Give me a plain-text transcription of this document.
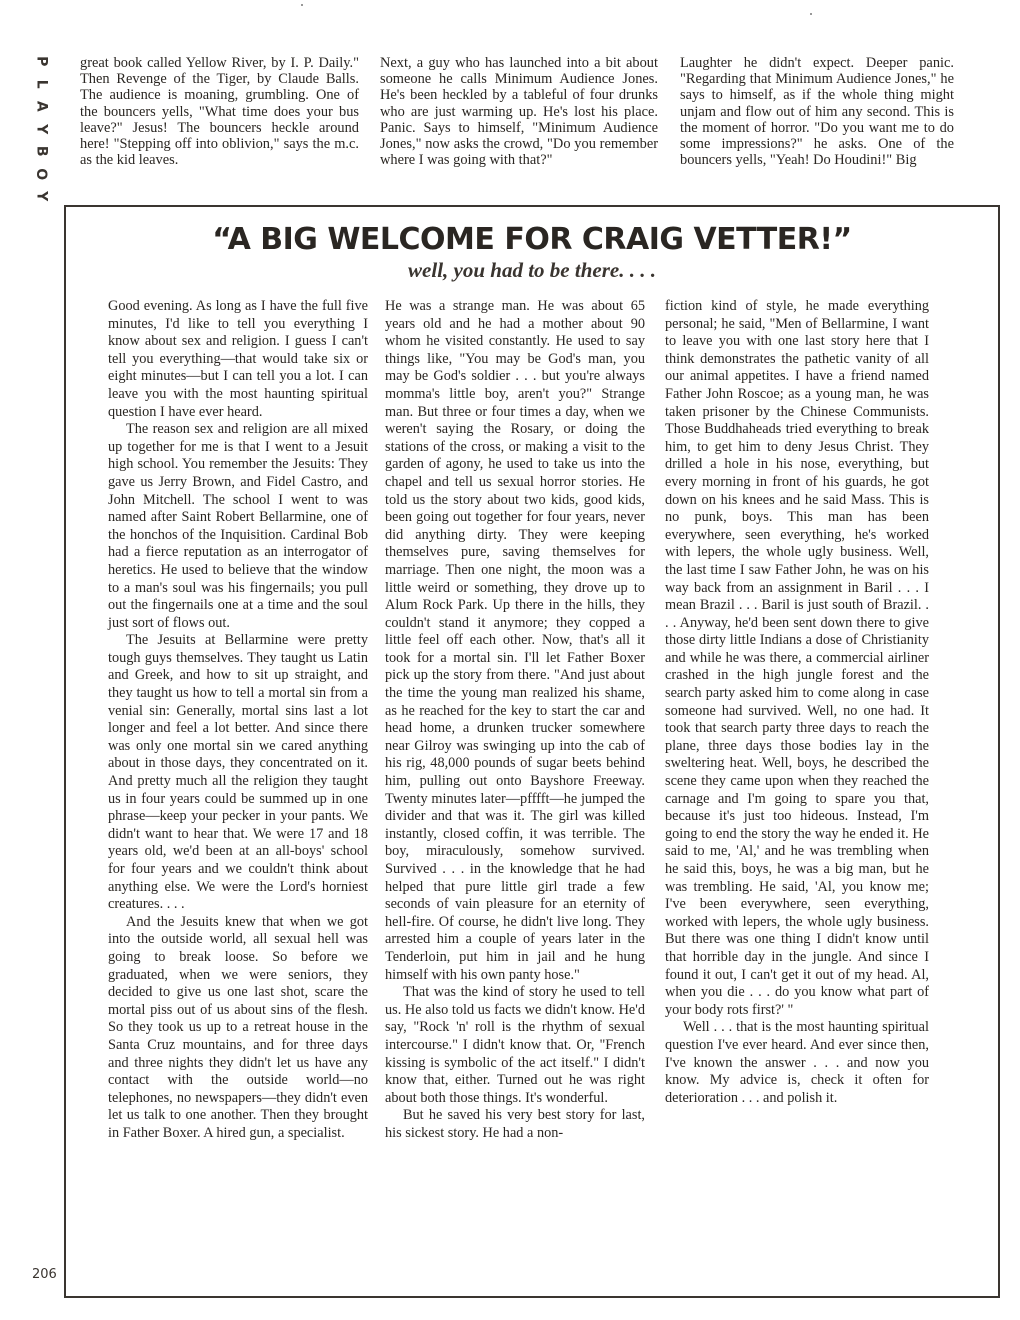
P
L
A
Y
B
O
Y

great book called Yellow River, by I. P. Daily." Then Revenge of the Tiger, by Claude Balls. The audience is moaning, grumbling. One of the bouncers yells, "What time does your bus leave?" Jesus! The bouncers heckle around here! "Stepping off into oblivion," says the m.c. as the kid leaves.

Next, a guy who has launched into a bit about someone he calls Minimum Audience Jones. He's been heckled by a tableful of four drunks who are just warming up. He's lost his place. Panic. Says to himself, "Minimum Audience Jones," now asks the crowd, "Do you remember where I was going with that?"

Laughter he didn't expect. Deeper panic. "Regarding that Minimum Audience Jones," he says to himself, as if the whole thing might unjam and flow out of him any second. This is the moment of horror. "Do you want me to do some impressions?" he asks. One of the bouncers yells, "Yeah! Do Houdini!" Big

“A BIG WELCOME FOR CRAIG VETTER!”
well, you had to be there. . . .

Good evening. As long as I have the full five minutes, I'd like to tell you everything I know about sex and religion. I guess I can't tell you everything—that would take six or eight minutes—but I can tell you a lot. I can leave you with the most haunting spiritual question I have ever heard.

The reason sex and religion are all mixed up together for me is that I went to a Jesuit high school. You remember the Jesuits: They gave us Jerry Brown, and Fidel Castro, and John Mitchell. The school I went to was named after Saint Robert Bellarmine, one of the honchos of the Inquisition. Cardinal Bob had a fierce reputation as an interrogator of heretics. He used to believe that the window to a man's soul was his fingernails; you pull out the fingernails one at a time and the soul just sort of flows out.

The Jesuits at Bellarmine were pretty tough guys themselves. They taught us Latin and Greek, and how to sit up straight, and they taught us how to tell a mortal sin from a venial sin: Generally, mortal sins last a lot longer and feel a lot better. And since there was only one mortal sin we cared anything about in those days, they concentrated on it. And pretty much all the religion they taught us in four years could be summed up in one phrase—keep your pecker in your pants. We didn't want to hear that. We were 17 and 18 years old, we'd been at an all-boys' school for four years and we couldn't think about anything else. We were the Lord's horniest creatures. . . .

And the Jesuits knew that when we got into the outside world, all sexual hell was going to break loose. So before we graduated, when we were seniors, they decided to give us one last shot, scare the mortal piss out of us about sins of the flesh. So they took us up to a retreat house in the Santa Cruz mountains, and for three days and three nights they didn't let us have any contact with the outside world—no telephones, no newspapers—they didn't even let us talk to one another. Then they brought in Father Boxer. A hired gun, a specialist.

He was a strange man. He was about 65 years old and he had a mother about 90 whom he visited constantly. He used to say things like, "You may be God's man, you may be God's soldier . . . but you're always momma's little boy, aren't you?" Strange man. But three or four times a day, when we weren't saying the Rosary, or doing the stations of the cross, or making a visit to the garden of agony, he used to take us into the chapel and tell us sexual horror stories. He told us the story about two kids, good kids, been going out together for four years, never did anything dirty. They were keeping themselves pure, saving themselves for marriage. Then one night, the moon was a little weird or something, they drove up to Alum Rock Park. Up there in the hills, they couldn't stand it anymore; they copped a little feel off each other. Now, that's all it took for a mortal sin. I'll let Father Boxer pick up the story from there. "And just about the time the young man realized his shame, as he reached for the key to start the car and head home, a drunken trucker somewhere near Gilroy was swinging up into the cab of his rig, 48,000 pounds of sugar beets behind him, pulling out onto Bayshore Freeway. Twenty minutes later—pfffft—he jumped the divider and that was it. The girl was killed instantly, closed coffin, it was terrible. The boy, miraculously, somehow survived. Survived . . . in the knowledge that he had helped that pure little girl trade a few seconds of vain pleasure for an eternity of hell-fire. Of course, he didn't live long. They arrested him a couple of years later in the Tenderloin, put him in jail and he hung himself with his own panty hose."

That was the kind of story he used to tell us. He also told us facts we didn't know. He'd say, "Rock 'n' roll is the rhythm of sexual intercourse." I didn't know that. Or, "French kissing is symbolic of the act itself." I didn't know that, either. Turned out he was right about both those things. It's wonderful.

But he saved his very best story for last, his sickest story. He had a non-

fiction kind of style, he made everything personal; he said, "Men of Bellarmine, I want to leave you with one last story here that I think demonstrates the pathetic vanity of all our animal appetites. I have a friend named Father John Roscoe; as a young man, he was taken prisoner by the Chinese Communists. Those Buddhaheads tried everything to break him, to get him to deny Jesus Christ. They drilled a hole in his nose, everything, but every morning in front of his guards, he got down on his knees and he said Mass. This is no punk, boys. This man has been everywhere, seen everything, he's worked with lepers, the whole ugly business. Well, the last time I saw Father John, he was on his way back from an assignment in Baril . . . I mean Brazil . . . Baril is just south of Brazil. . . . Anyway, he'd been sent down there to give those dirty little Indians a dose of Christianity and while he was there, a commercial airliner crashed in the high jungle forest and the search party asked him to come along in case someone had survived. Well, no one had. It took that search party three days to reach the plane, three days those bodies lay in the sweltering heat. Well, boys, he described the scene they came upon when they reached the carnage and I'm going to spare you that, because it's just too hideous. Instead, I'm going to end the story the way he ended it. He said to me, 'Al,' and he was trembling when he said this, boys, he was a big man, but he was trembling. He said, 'Al, you know me; I've been everywhere, seen everything, worked with lepers, the whole ugly business. But there was one thing I didn't know until that horrible day in the jungle. And since I found it out, I can't get it out of my head. Al, when you die . . . do you know what part of your body rots first?' "

Well . . . that is the most haunting spiritual question I've ever heard. And ever since then, I've known the answer . . . and now you know. My advice is, check it often for deterioration . . . and polish it.

206
